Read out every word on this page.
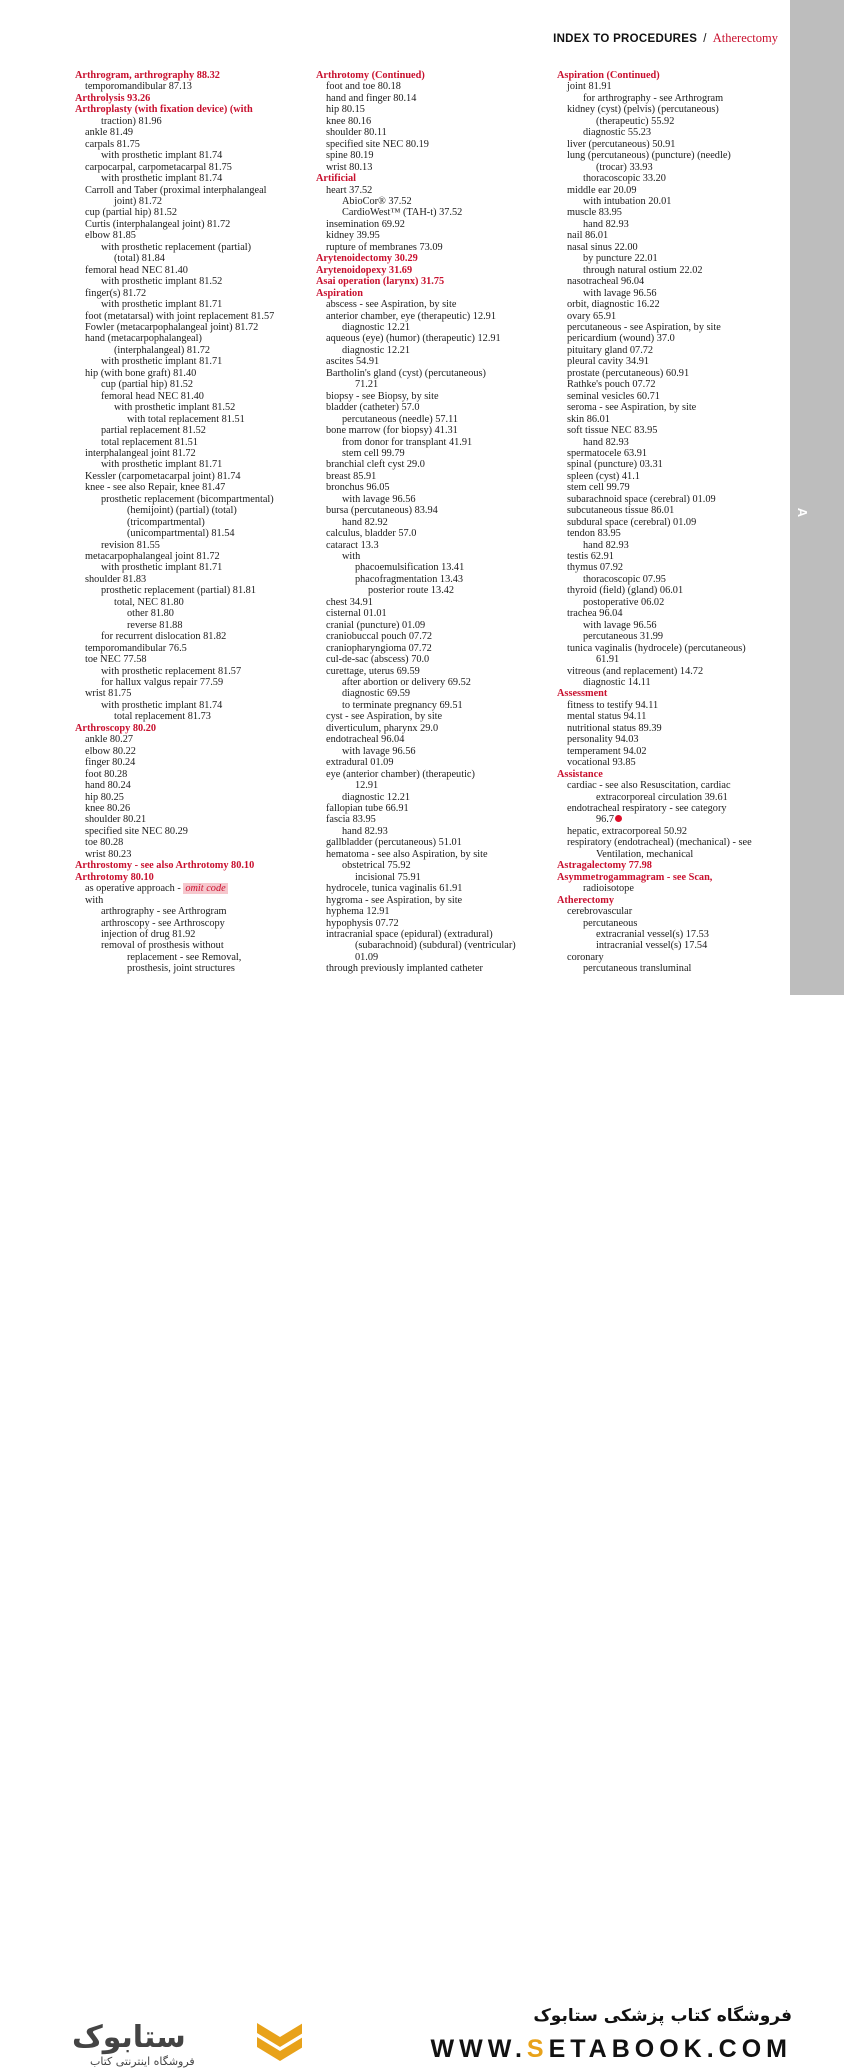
A
INDEX TO PROCEDURES / Atherectomy
Arthrogram, arthrography 88.32
temporomandibular 87.13
Arthrolysis 93.26
Arthroplasty (with fixation device) (with
traction) 81.96
ankle 81.49
carpals 81.75
with prosthetic implant 81.74
carpocarpal, carpometacarpal 81.75
with prosthetic implant 81.74
Carroll and Taber (proximal interphalangeal
joint) 81.72
cup (partial hip) 81.52
Curtis (interphalangeal joint) 81.72
elbow 81.85
with prosthetic replacement (partial)
(total) 81.84
femoral head NEC 81.40
with prosthetic implant 81.52
finger(s) 81.72
with prosthetic implant 81.71
foot (metatarsal) with joint replacement 81.57
Fowler (metacarpophalangeal joint) 81.72
hand (metacarpophalangeal)
(interphalangeal) 81.72
with prosthetic implant 81.71
hip (with bone graft) 81.40
cup (partial hip) 81.52
femoral head NEC 81.40
with prosthetic implant 81.52
with total replacement 81.51
partial replacement 81.52
total replacement 81.51
interphalangeal joint 81.72
with prosthetic implant 81.71
Kessler (carpometacarpal joint) 81.74
knee - see also Repair, knee 81.47
prosthetic replacement (bicompartmental)
(hemijoint) (partial) (total)
(tricompartmental)
(unicompartmental) 81.54
revision 81.55
metacarpophalangeal joint 81.72
with prosthetic implant 81.71
shoulder 81.83
prosthetic replacement (partial) 81.81
total, NEC 81.80
other 81.80
reverse 81.88
for recurrent dislocation 81.82
temporomandibular 76.5
toe NEC 77.58
with prosthetic replacement 81.57
for hallux valgus repair 77.59
wrist 81.75
with prosthetic implant 81.74
total replacement 81.73
Arthroscopy 80.20
ankle 80.27
elbow 80.22
finger 80.24
foot 80.28
hand 80.24
hip 80.25
knee 80.26
shoulder 80.21
specified site NEC 80.29
toe 80.28
wrist 80.23
Arthrostomy - see also Arthrotomy 80.10
Arthrotomy 80.10
as operative approach - omit code
with
arthrography - see Arthrogram
arthroscopy - see Arthroscopy
injection of drug 81.92
removal of prosthesis without
replacement - see Removal,
prosthesis, joint structures
Arthrotomy (Continued)
foot and toe 80.18
hand and finger 80.14
hip 80.15
knee 80.16
shoulder 80.11
specified site NEC 80.19
spine 80.19
wrist 80.13
Artificial
heart 37.52
AbioCor® 37.52
CardioWest™ (TAH-t) 37.52
insemination 69.92
kidney 39.95
rupture of membranes 73.09
Arytenoidectomy 30.29
Arytenoidopexy 31.69
Asai operation (larynx) 31.75
Aspiration
abscess - see Aspiration, by site
anterior chamber, eye (therapeutic) 12.91
diagnostic 12.21
aqueous (eye) (humor) (therapeutic) 12.91
diagnostic 12.21
ascites 54.91
Bartholin's gland (cyst) (percutaneous)
71.21
biopsy - see Biopsy, by site
bladder (catheter) 57.0
percutaneous (needle) 57.11
bone marrow (for biopsy) 41.31
from donor for transplant 41.91
stem cell 99.79
branchial cleft cyst 29.0
breast 85.91
bronchus 96.05
with lavage 96.56
bursa (percutaneous) 83.94
hand 82.92
calculus, bladder 57.0
cataract 13.3
with
phacoemulsification 13.41
phacofragmentation 13.43
posterior route 13.42
chest 34.91
cisternal 01.01
cranial (puncture) 01.09
craniobuccal pouch 07.72
craniopharyngioma 07.72
cul-de-sac (abscess) 70.0
curettage, uterus 69.59
after abortion or delivery 69.52
diagnostic 69.59
to terminate pregnancy 69.51
cyst - see Aspiration, by site
diverticulum, pharynx 29.0
endotracheal 96.04
with lavage 96.56
extradural 01.09
eye (anterior chamber) (therapeutic)
12.91
diagnostic 12.21
fallopian tube 66.91
fascia 83.95
hand 82.93
gallbladder (percutaneous) 51.01
hematoma - see also Aspiration, by site
obstetrical 75.92
incisional 75.91
hydrocele, tunica vaginalis 61.91
hygroma - see Aspiration, by site
hyphema 12.91
hypophysis 07.72
intracranial space (epidural) (extradural)
(subarachnoid) (subdural) (ventricular)
01.09
through previously implanted catheter
Aspiration (Continued)
joint 81.91
for arthrography - see Arthrogram
kidney (cyst) (pelvis) (percutaneous)
(therapeutic) 55.92
diagnostic 55.23
liver (percutaneous) 50.91
lung (percutaneous) (puncture) (needle)
(trocar) 33.93
thoracoscopic 33.20
middle ear 20.09
with intubation 20.01
muscle 83.95
hand 82.93
nail 86.01
nasal sinus 22.00
by puncture 22.01
through natural ostium 22.02
nasotracheal 96.04
with lavage 96.56
orbit, diagnostic 16.22
ovary 65.91
percutaneous - see Aspiration, by site
pericardium (wound) 37.0
pituitary gland 07.72
pleural cavity 34.91
prostate (percutaneous) 60.91
Rathke's pouch 07.72
seminal vesicles 60.71
seroma - see Aspiration, by site
skin 86.01
soft tissue NEC 83.95
hand 82.93
spermatocele 63.91
spinal (puncture) 03.31
spleen (cyst) 41.1
stem cell 99.79
subarachnoid space (cerebral) 01.09
subcutaneous tissue 86.01
subdural space (cerebral) 01.09
tendon 83.95
hand 82.93
testis 62.91
thymus 07.92
thoracoscopic 07.95
thyroid (field) (gland) 06.01
postoperative 06.02
trachea 96.04
with lavage 96.56
percutaneous 31.99
tunica vaginalis (hydrocele) (percutaneous)
61.91
vitreous (and replacement) 14.72
diagnostic 14.11
Assessment
fitness to testify 94.11
mental status 94.11
nutritional status 89.39
personality 94.03
temperament 94.02
vocational 93.85
Assistance
cardiac - see also Resuscitation, cardiac
extracorporeal circulation 39.61
endotracheal respiratory - see category
96.7
hepatic, extracorporeal 50.92
respiratory (endotracheal) (mechanical) - see
Ventilation, mechanical
Astragalectomy 77.98
Asymmetrogammagram - see Scan,
radioisotope
Atherectomy
cerebrovascular
percutaneous
extracranial vessel(s) 17.53
intracranial vessel(s) 17.54
coronary
percutaneous transluminal
ستابوک
فروشگاه اینترنتی کتاب
فروشگاه کتاب پزشکی ستابوک
WWW.SETABOOK.COM
